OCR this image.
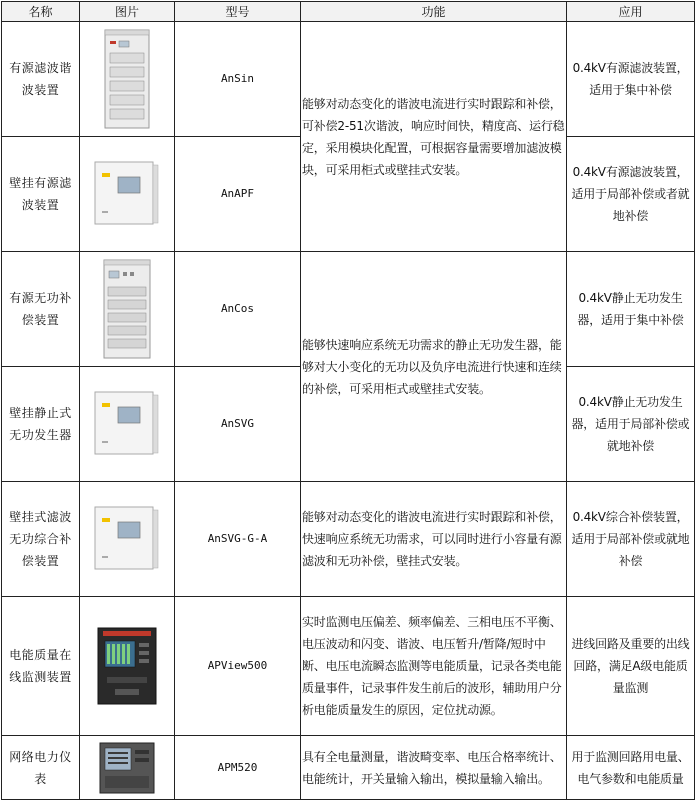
名称	图片	型号	功能	应用
有源滤波谐波装置		AnSin	能够对动态变化的谐波电流进行实时跟踪和补偿，可补偿2-51次谐波，响应时间快，精度高、运行稳定，采用模块化配置，可根据容量需要增加滤波模块，可采用柜式或壁挂式安装。	0.4kV有源滤波装置，适用于集中补偿
壁挂有源滤波装置		AnAPF		0.4kV有源滤波装置，适用于局部补偿或者就地补偿
有源无功补偿装置		AnCos	能够快速响应系统无功需求的静止无功发生器，能够对大小变化的无功以及负序电流进行快速和连续的补偿，可采用柜式或壁挂式安装。	0.4kV静止无功发生器，适用于集中补偿
壁挂静止式无功发生器		AnSVG		0.4kV静止无功发生器，适用于局部补偿或就地补偿
壁挂式滤波无功综合补偿装置		AnSVG-G-A	能够对动态变化的谐波电流进行实时跟踪和补偿，快速响应系统无功需求，可以同时进行小容量有源滤波和无功补偿，壁挂式安装。	0.4kV综合补偿装置，适用于局部补偿或就地补偿
电能质量在线监测装置		APView500	实时监测电压偏差、频率偏差、三相电压不平衡、电压波动和闪变、谐波、电压暂升/暂降/短时中断、电压电流瞬态监测等电能质量，记录各类电能质量事件，记录事件发生前后的波形，辅助用户分析电能质量发生的原因，定位扰动源。	进线回路及重要的出线回路，满足A级电能质量监测
网络电力仪表		APM520	具有全电量测量，谐波畸变率、电压合格率统计、电能统计，开关量输入输出，模拟量输入输出。	用于监测回路用电量、电气参数和电能质量
